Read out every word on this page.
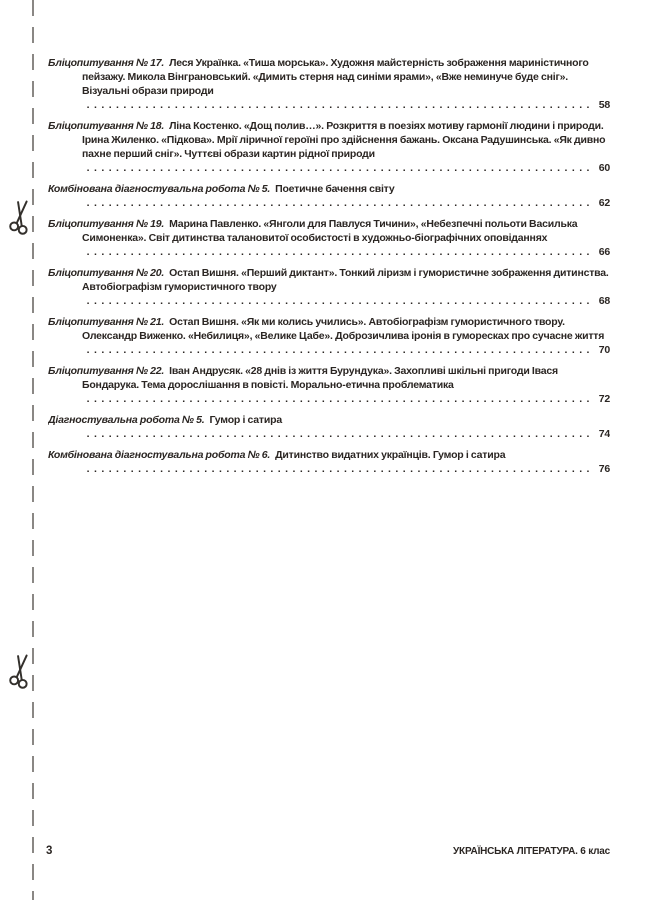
Бліцопитування № 17. Леся Українка. «Тиша морська». Художня майстерність зображення мариністичного пейзажу. Микола Вінграновський. «Димить стерня над синіми ярами», «Вже неминуче буде сніг». Візуальні образи природи .  .
58
Бліцопитування № 18. Ліна Костенко. «Дощ полив…». Розкриття в поезіях мотиву гармонії людини і природи. Ірина Жиленко. «Підкова». Мрії ліричної героїні про здійснення бажань. Оксана Радушинська. «Як дивно пахне перший сніг». Чуттєві образи картин рідної природи .  .
60
Комбінована діагностувальна робота № 5. Поетичне бачення світу .  .
62
Бліцопитування № 19. Марина Павленко. «Янголи для Павлуся Тичини», «Небезпечні польоти Василька Симоненка». Світ дитинства талановитої особистості в художньо-біографічних оповіданнях .  .
66
Бліцопитування № 20. Остап Вишня. «Перший диктант». Тонкий ліризм і гумористичне зображення дитинства. Автобіографізм гумористичного твору .  .
68
Бліцопитування № 21. Остап Вишня. «Як ми колись учились». Автобіографізм гумористичного твору. Олександр Виженко. «Небилиця», «Велике Цабе». Доброзичлива іронія в гуморесках про сучасне життя .  .
70
Бліцопитування № 22. Іван Андрусяк. «28 днів із життя Бурундука». Захопливі шкільні пригоди Івася Бондарука. Тема дорослішання в повісті. Морально-етична проблематика .  .
72
Діагностувальна робота № 5. Гумор і сатира .  .
74
Комбінована діагностувальна робота № 6. Дитинство видатних українців. Гумор і сатира .  .
76
3	УКРАЇНСЬКА ЛІТЕРАТУРА. 6 клас
